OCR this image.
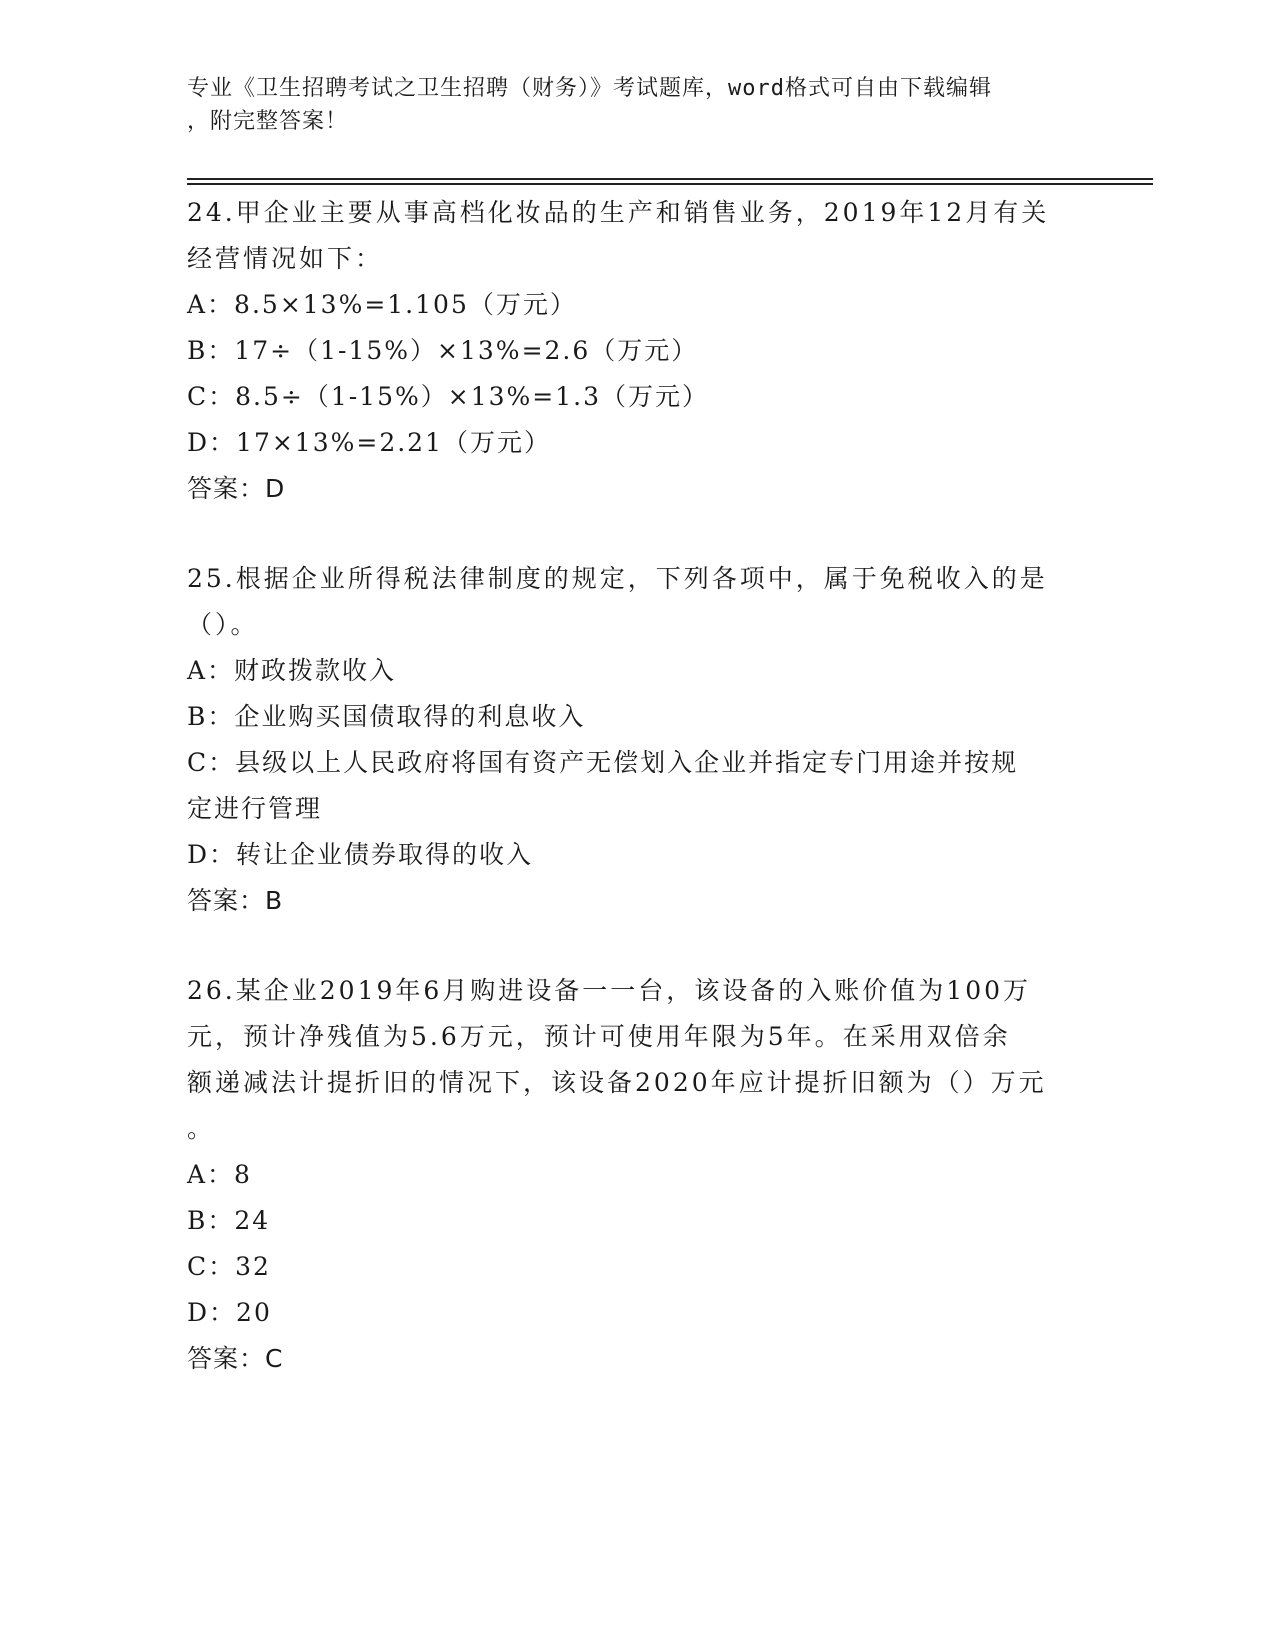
专业《卫生招聘考试之卫生招聘（财务）》考试题库，word格式可自由下载编辑
，附完整答案！
24.甲企业主要从事高档化妆品的生产和销售业务，2019年12月有关
经营情况如下：
A：8.5×13%=1.105（万元）
B：17÷（1-15%）×13%=2.6（万元）
C：8.5÷（1-15%）×13%=1.3（万元）
D：17×13%=2.21（万元）
答案：D
25.根据企业所得税法律制度的规定，下列各项中，属于免税收入的是
（）。
A：财政拨款收入
B：企业购买国债取得的利息收入
C：县级以上人民政府将国有资产无偿划入企业并指定专门用途并按规
定进行管理
D：转让企业债券取得的收入
答案：B
26.某企业2019年6月购进设备一一台，该设备的入账价值为100万
元，预计净残值为5.6万元，预计可使用年限为5年。在采用双倍余
额递减法计提折旧的情况下，该设备2020年应计提折旧额为（）万元
。
A：8
B：24
C：32
D：20
答案：C
